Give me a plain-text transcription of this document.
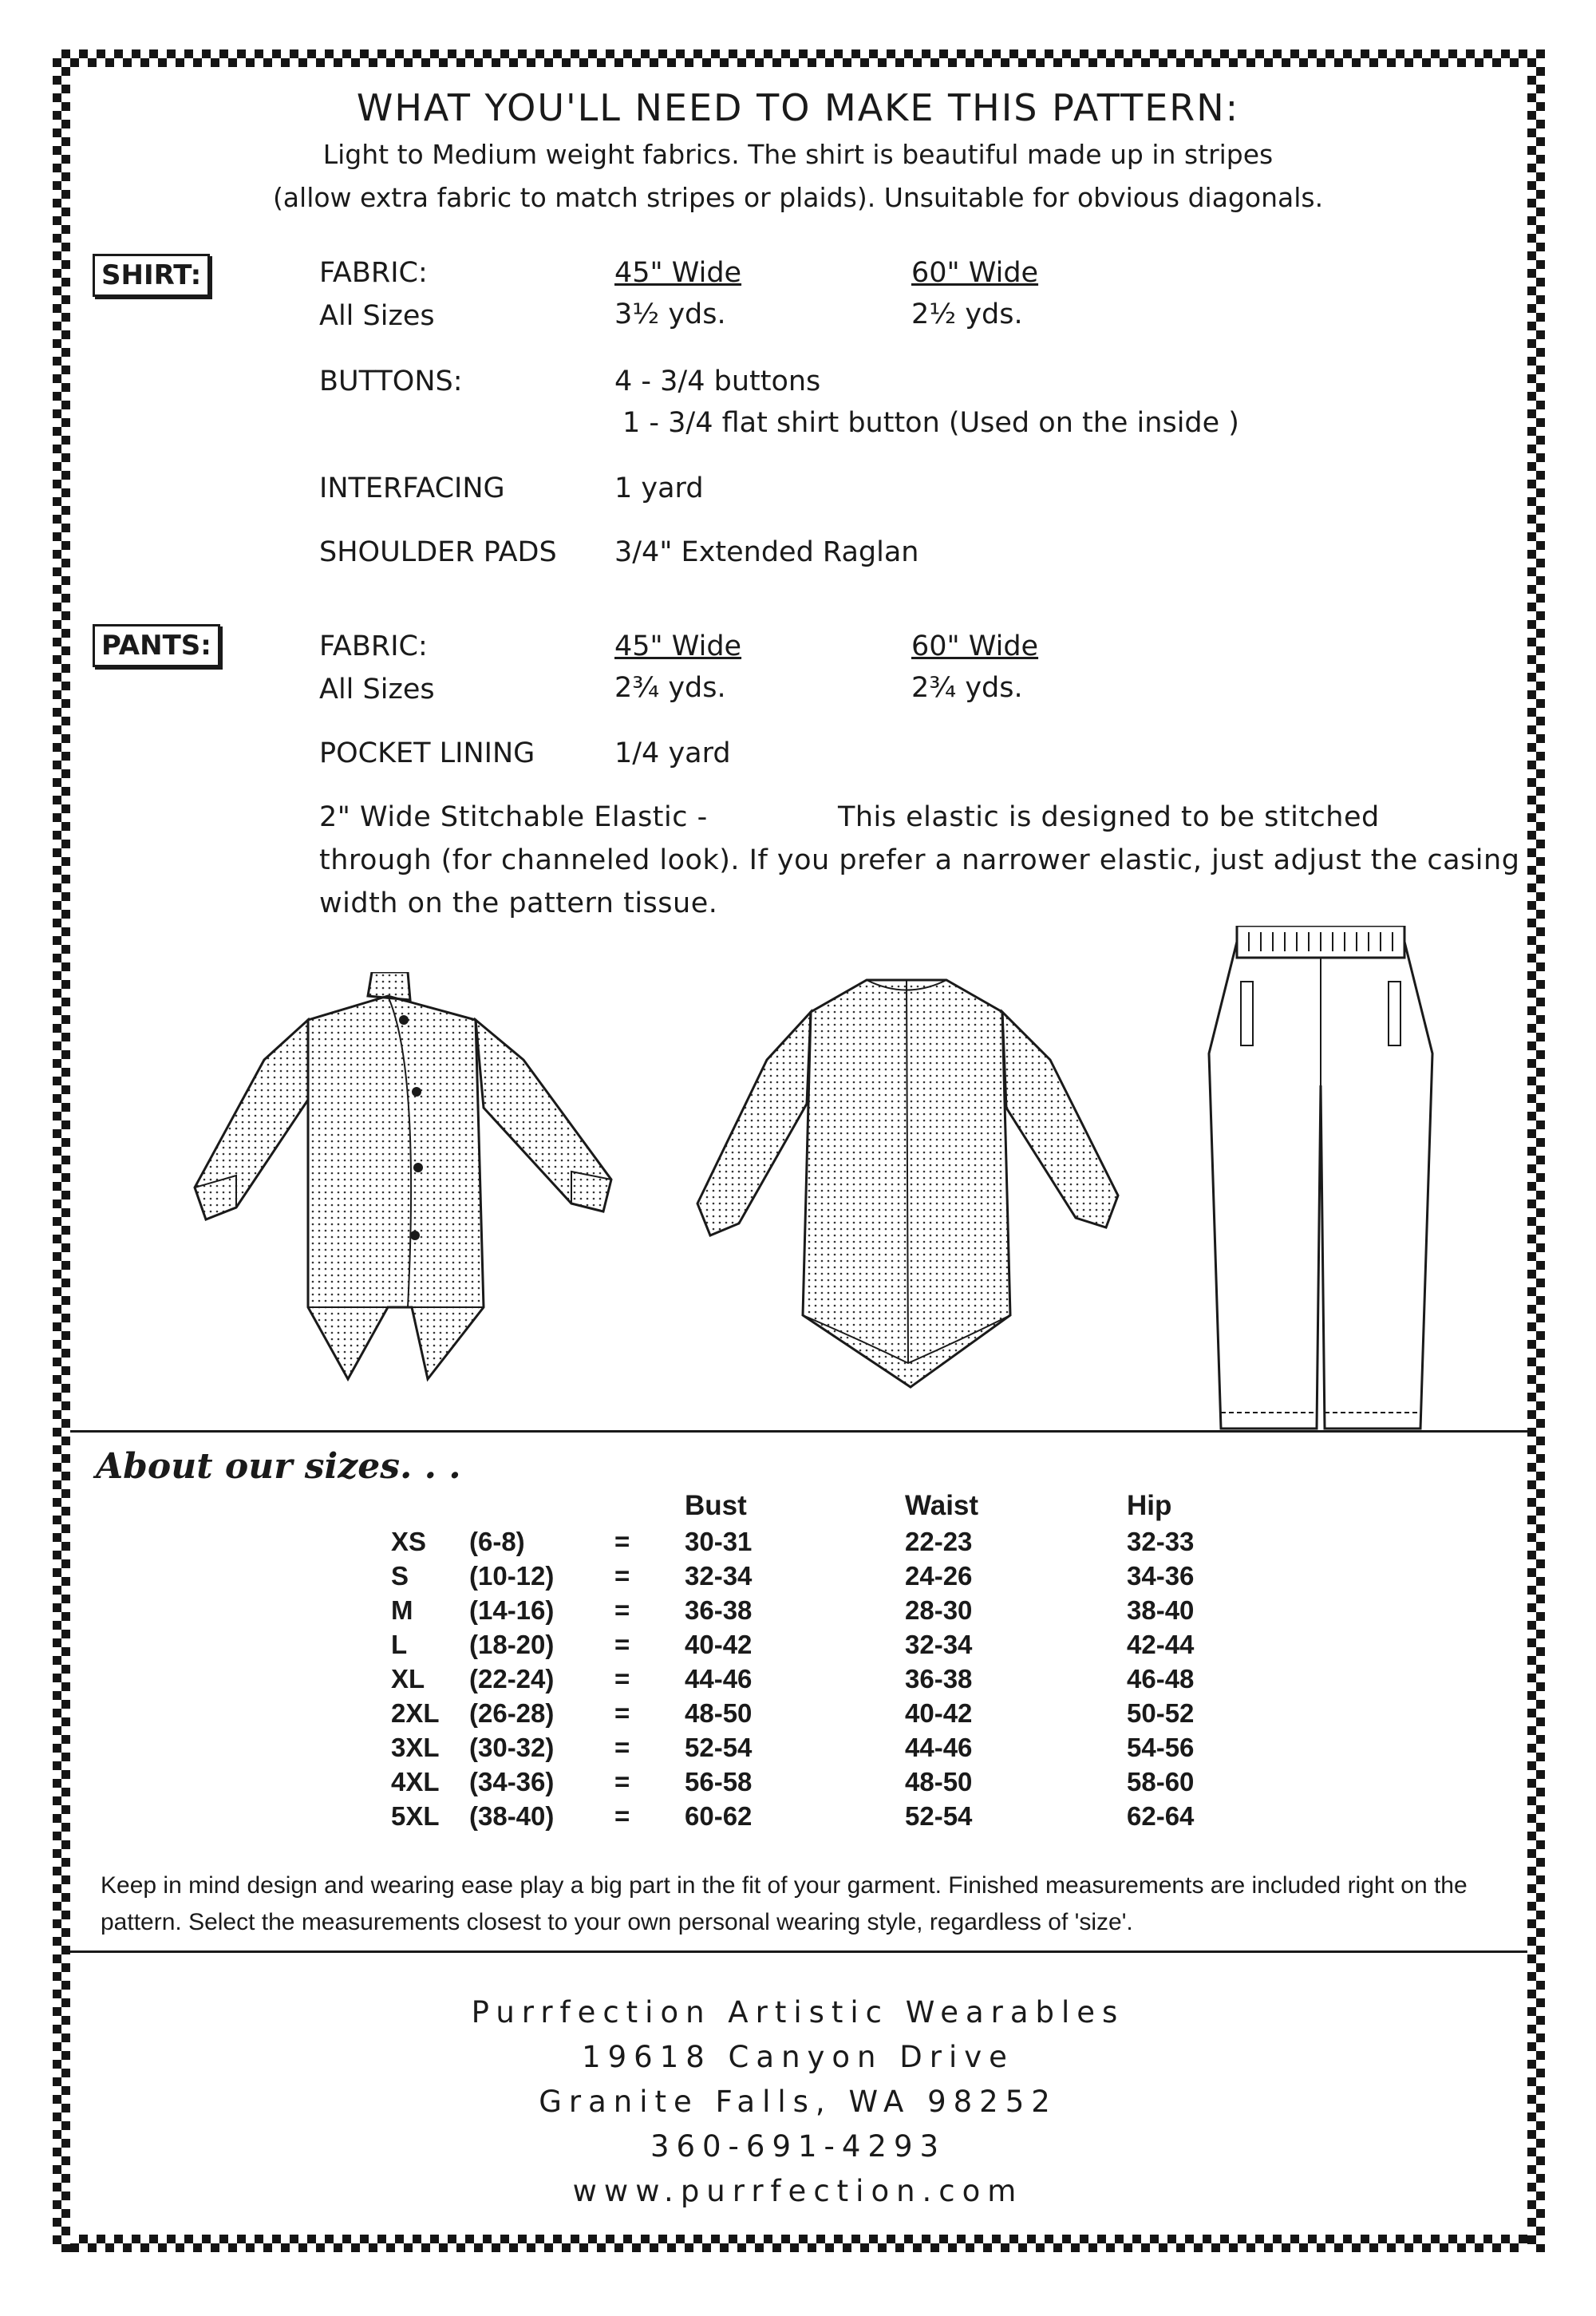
WHAT YOU'LL NEED TO MAKE THIS PATTERN:
Light to Medium weight fabrics. The shirt is beautiful made up in stripes
(allow extra fabric to match stripes or plaids). Unsuitable for obvious diagonals.
SHIRT:	FABRIC:	45" Wide	60" Wide
All Sizes	3½ yds.	2½ yds.
BUTTONS:	4 - 3/4 buttons
1 - 3/4 flat shirt button (Used on the inside )
INTERFACING	1 yard
SHOULDER PADS 3/4" Extended Raglan
PANTS:	FABRIC:	45" Wide	60" Wide
All Sizes	2¾ yds.	2¾ yds.
POCKET LINING	1/4 yard
2" Wide Stitchable Elastic -	This elastic is designed to be stitched
through (for channeled look). If you prefer a narrower elastic, just adjust the casing
width on the pattern tissue.
About our sizes. . .
			Bust	Waist	Hip
XS	(6-8)	=	30-31	22-23	32-33
S	(10-12)	=	32-34	24-26	34-36
M	(14-16)	=	36-38	28-30	38-40
L	(18-20)	=	40-42	32-34	42-44
XL	(22-24)	=	44-46	36-38	46-48
2XL	(26-28)	=	48-50	40-42	50-52
3XL	(30-32)	=	52-54	44-46	54-56
4XL	(34-36)	=	56-58	48-50	58-60
5XL	(38-40)	=	60-62	52-54	62-64
Keep in mind design and wearing ease play a big part in the fit of your garment. Finished measurements are included right on the pattern. Select the measurements closest to your own personal wearing style, regardless of 'size'.
Purrfection Artistic Wearables
19618 Canyon Drive
Granite Falls, WA 98252
360-691-4293
www.purrfection.com
